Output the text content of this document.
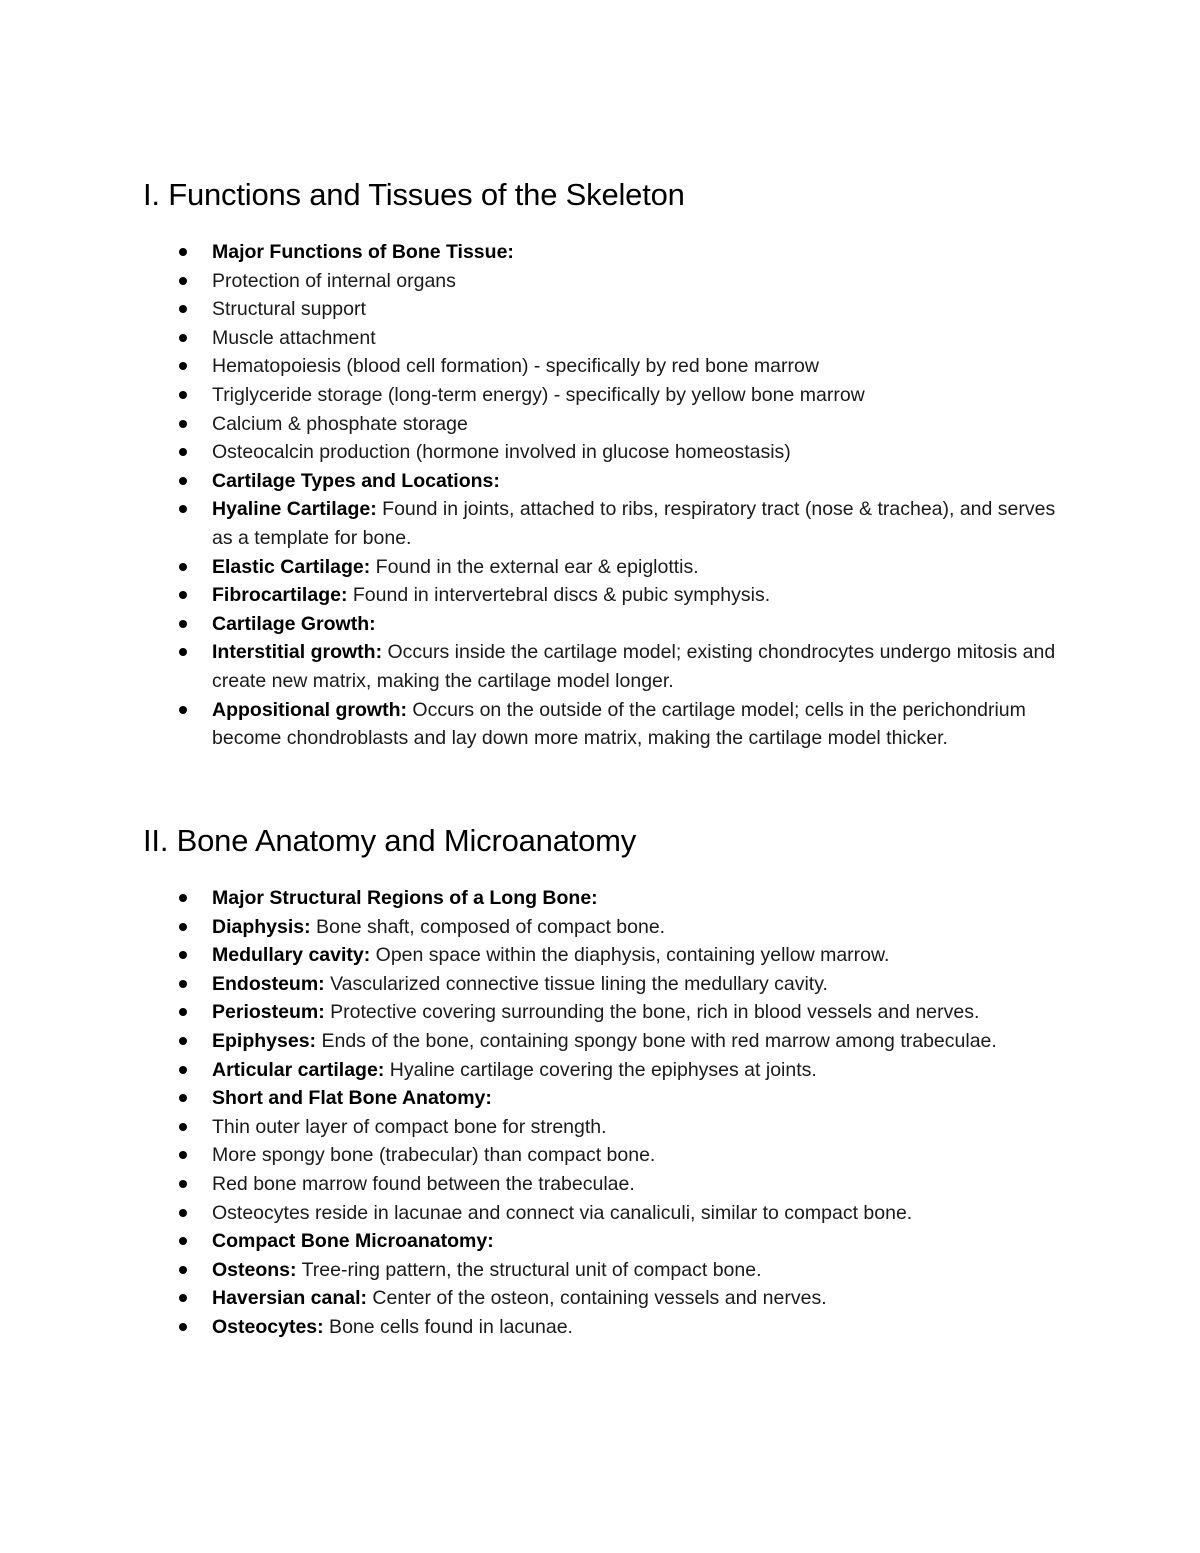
I. Functions and Tissues of the Skeleton
Major Functions of Bone Tissue:
Protection of internal organs
Structural support
Muscle attachment
Hematopoiesis (blood cell formation) - specifically by red bone marrow
Triglyceride storage (long-term energy) - specifically by yellow bone marrow
Calcium & phosphate storage
Osteocalcin production (hormone involved in glucose homeostasis)
Cartilage Types and Locations:
Hyaline Cartilage: Found in joints, attached to ribs, respiratory tract (nose & trachea), and serves as a template for bone.
Elastic Cartilage: Found in the external ear & epiglottis.
Fibrocartilage: Found in intervertebral discs & pubic symphysis.
Cartilage Growth:
Interstitial growth: Occurs inside the cartilage model; existing chondrocytes undergo mitosis and create new matrix, making the cartilage model longer.
Appositional growth: Occurs on the outside of the cartilage model; cells in the perichondrium become chondroblasts and lay down more matrix, making the cartilage model thicker.
II. Bone Anatomy and Microanatomy
Major Structural Regions of a Long Bone:
Diaphysis: Bone shaft, composed of compact bone.
Medullary cavity: Open space within the diaphysis, containing yellow marrow.
Endosteum: Vascularized connective tissue lining the medullary cavity.
Periosteum: Protective covering surrounding the bone, rich in blood vessels and nerves.
Epiphyses: Ends of the bone, containing spongy bone with red marrow among trabeculae.
Articular cartilage: Hyaline cartilage covering the epiphyses at joints.
Short and Flat Bone Anatomy:
Thin outer layer of compact bone for strength.
More spongy bone (trabecular) than compact bone.
Red bone marrow found between the trabeculae.
Osteocytes reside in lacunae and connect via canaliculi, similar to compact bone.
Compact Bone Microanatomy:
Osteons: Tree-ring pattern, the structural unit of compact bone.
Haversian canal: Center of the osteon, containing vessels and nerves.
Osteocytes: Bone cells found in lacunae.
